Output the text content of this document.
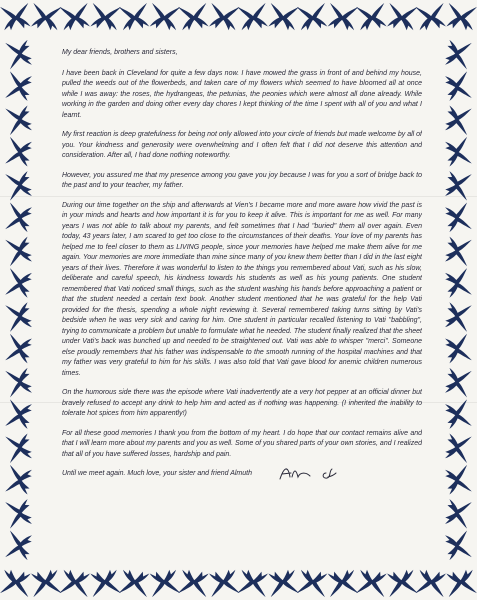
My dear friends, brothers and sisters,

I have been back in Cleveland for quite a few days now. I have mowed the grass in front of and behind my house, pulled the weeds out of the flowerbeds, and taken care of my flowers which seemed to have bloomed all at once while I was away: the roses, the hydrangeas, the petunias, the peonies which were almost all done already. While working in the garden and doing other every day chores I kept thinking of the time I spent with all of you and what I learnt.

My first reaction is deep gratefulness for being not only allowed into your circle of friends but made welcome by all of you. Your kindness and generosity were overwhelming and I often felt that I did not deserve this attention and consideration. After all, I had done nothing noteworthy.

However, you assured me that my presence among you gave you joy because I was for you a sort of bridge back to the past and to your teacher, my father.

During our time together on the ship and afterwards at Vien's I became more and more aware how vivid the past is in your minds and hearts and how important it is for you to keep it alive. This is important for me as well. For many years I was not able to talk about my parents, and felt sometimes that I had "buried" them all over again. Even today, 43 years later, I am scared to get too close to the circumstances of their deaths. Your love of my parents has helped me to feel closer to them as LIVING people, since your memories have helped me make them alive for me again. Your memories are more immediate than mine since many of you knew them better than I did in the last eight years of their lives. Therefore it was wonderful to listen to the things you remembered about Vati, such as his slow, deliberate and careful speech, his kindness towards his students as well as his young patients. One student remembered that Vati noticed small things, such as the student washing his hands before approaching a patient or that the student needed a certain text book. Another student mentioned that he was grateful for the help Vati provided for the thesis, spending a whole night reviewing it. Several remembered taking turns sitting by Vati's bedside when he was very sick and caring for him. One student in particular recalled listening to Vati "babbling", trying to communicate a problem but unable to formulate what he needed. The student finally realized that the sheet under Vati's back was bunched up and needed to be straightened out. Vati was able to whisper "merci". Someone else proudly remembers that his father was indispensable to the smooth running of the hospital machines and that my father was very grateful to him for his skills. I was also told that Vati gave blood for anemic children numerous times.

On the humorous side there was the episode where Vati inadvertently ate a very hot pepper at an official dinner but bravely refused to accept any drink to help him and acted as if nothing was happening. (I inherited the inability to tolerate hot spices from him apparently!)

For all these good memories I thank you from the bottom of my heart. I do hope that our contact remains alive and that I will learn more about my parents and you as well. Some of you shared parts of your own stories, and I realized that all of you have suffered losses, hardship and pain.

Until we meet again. Much love, your sister and friend Almuth
